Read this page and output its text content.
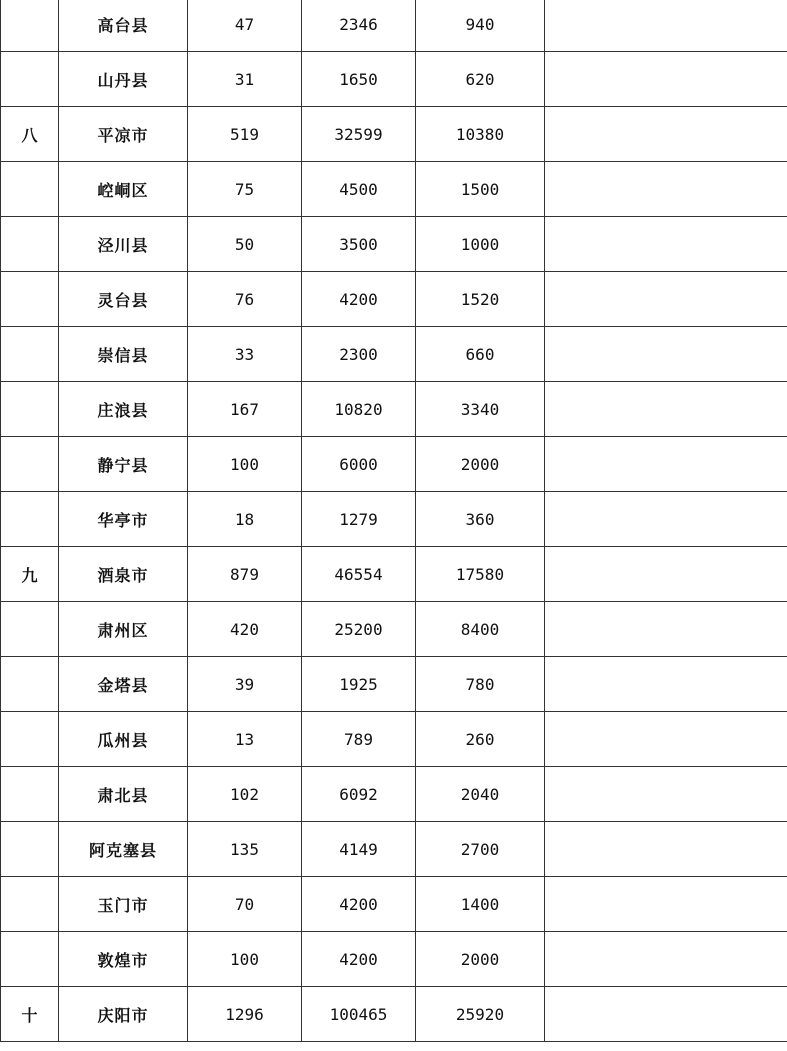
	高台县	47	2346	940	
	山丹县	31	1650	620	
八	平凉市	519	32599	10380	
	崆峒区	75	4500	1500	
	泾川县	50	3500	1000	
	灵台县	76	4200	1520	
	崇信县	33	2300	660	
	庄浪县	167	10820	3340	
	静宁县	100	6000	2000	
	华亭市	18	1279	360	
九	酒泉市	879	46554	17580	
	肃州区	420	25200	8400	
	金塔县	39	1925	780	
	瓜州县	13	789	260	
	肃北县	102	6092	2040	
	阿克塞县	135	4149	2700	
	玉门市	70	4200	1400	
	敦煌市	100	4200	2000	
十	庆阳市	1296	100465	25920	
